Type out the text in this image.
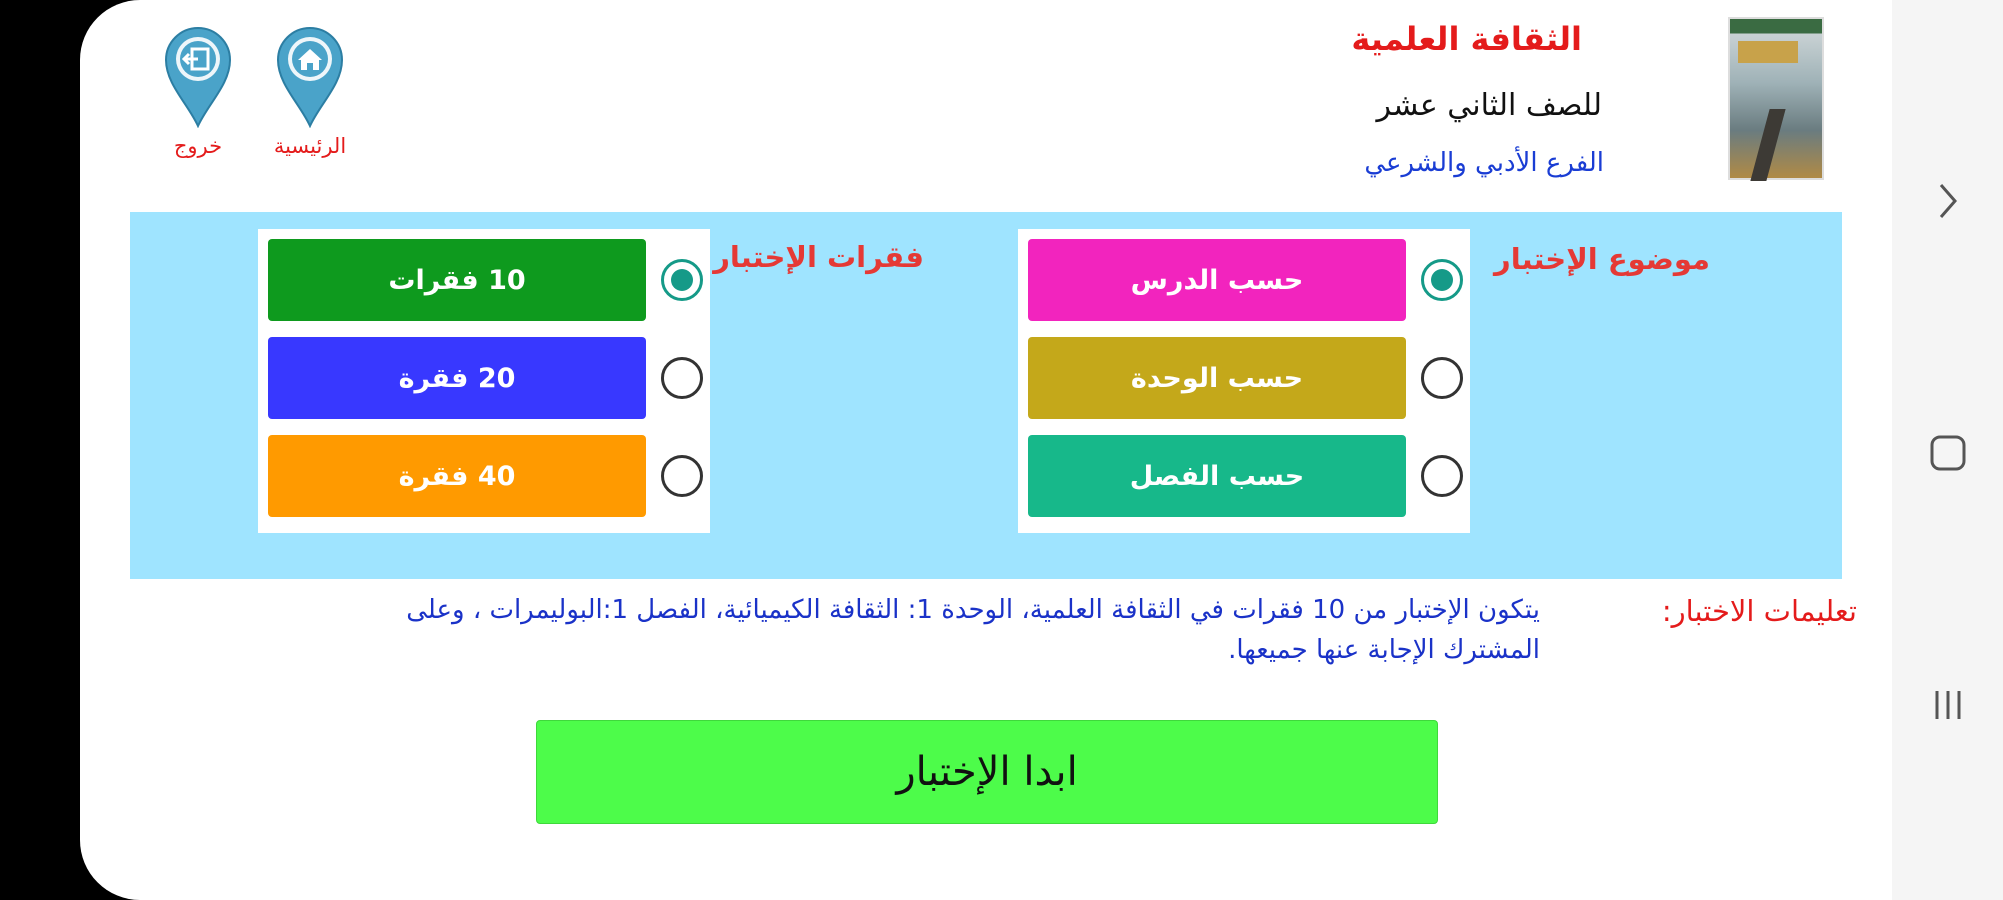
الثقافة العلمية
للصف الثاني عشر
الفرع الأدبي والشرعي
الرئيسية
خروج
موضوع الإختبار
فقرات الإختبار
حسب الدرس
حسب الوحدة
حسب الفصل
10 فقرات
20 فقرة
40 فقرة
تعليمات الاختبار:
يتكون الإختبار من 10 فقرات في الثقافة العلمية، الوحدة 1: الثقافة الكيميائية، الفصل 1:البوليمرات ، وعلى المشترك الإجابة عنها جميعها.
ابدا الإختبار
